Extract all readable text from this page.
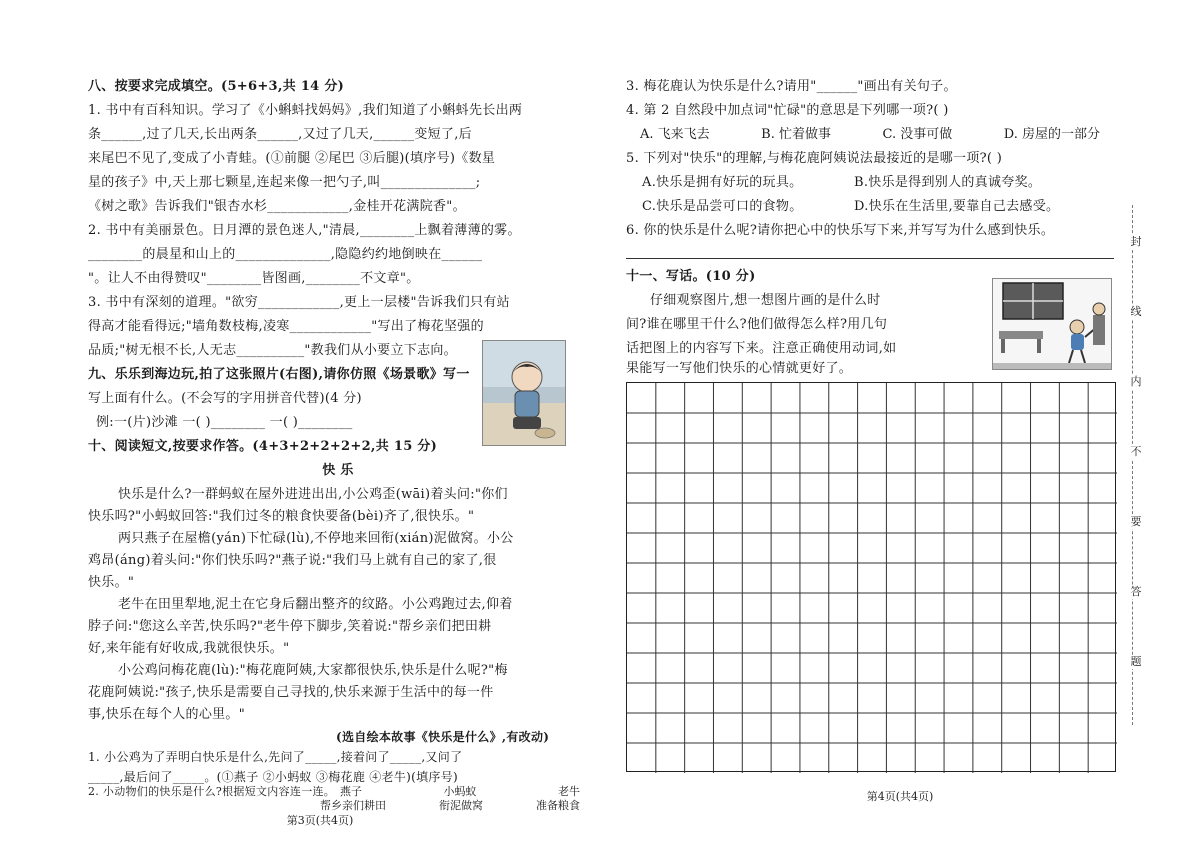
八、按要求完成填空。(5+6+3,共 14 分)
1. 书中有百科知识。学习了《小蝌蚪找妈妈》,我们知道了小蝌蚪先长出两
条______,过了几天,长出两条______,又过了几天,______变短了,后
来尾巴不见了,变成了小青蛙。(①前腿 ②尾巴 ③后腿)(填序号)《数星
星的孩子》中,天上那七颗星,连起来像一把勺子,叫______________;
《树之歌》告诉我们"银杏水杉____________,金桂开花满院香"。
2. 书中有美丽景色。日月潭的景色迷人,"清晨,________上飘着薄薄的雾。
________的晨星和山上的______________,隐隐约约地倒映在______
"。让人不由得赞叹"________皆图画,________不文章"。
3. 书中有深刻的道理。"欲穷____________,更上一层楼"告诉我们只有站
得高才能看得远;"墙角数枝梅,凌寒____________"写出了梅花坚强的
品质;"树无根不长,人无志__________"教我们从小要立下志向。
九、乐乐到海边玩,拍了这张照片(右图),请你仿照《场景歌》写一
写上面有什么。(不会写的字用拼音代替)(4 分)
例:一(片)沙滩 一( )________ 一( )________
十、阅读短文,按要求作答。(4+3+2+2+2+2,共 15 分)
快 乐
快乐是什么?一群蚂蚁在屋外进进出出,小公鸡歪(wāi)着头问:"你们
快乐吗?"小蚂蚁回答:"我们过冬的粮食快要备(bèi)齐了,很快乐。"
两只燕子在屋檐(yán)下忙碌(lù),不停地来回衔(xián)泥做窝。小公
鸡昂(áng)着头问:"你们快乐吗?"燕子说:"我们马上就有自己的家了,很
快乐。"
老牛在田里犁地,泥土在它身后翻出整齐的纹路。小公鸡跑过去,仰着
脖子问:"您这么辛苦,快乐吗?"老牛停下脚步,笑着说:"帮乡亲们把田耕
好,来年能有好收成,我就很快乐。"
小公鸡问梅花鹿(lù):"梅花鹿阿姨,大家都很快乐,快乐是什么呢?"梅
花鹿阿姨说:"孩子,快乐是需要自己寻找的,快乐来源于生活中的每一件
事,快乐在每个人的心里。"
(选自绘本故事《快乐是什么》,有改动)
1. 小公鸡为了弄明白快乐是什么,先问了_____,接着问了_____,又问了
_____,最后问了_____。(①燕子 ②小蚂蚁 ③梅花鹿 ④老牛)(填序号)
第3页(共4页)
2. 小动物们的快乐是什么?根据短文内容连一连。 燕子	小蚂蚁	老牛
帮乡亲们耕田	衔泥做窝	准备粮食
3. 梅花鹿认为快乐是什么?请用"______"画出有关句子。
4. 第 2 自然段中加点词"忙碌"的意思是下列哪一项?( )
A. 飞来飞去	B. 忙着做事	C. 没事可做	D. 房屋的一部分
5. 下列对"快乐"的理解,与梅花鹿阿姨说法最接近的是哪一项?( )
A.快乐是拥有好玩的玩具。	B.快乐是得到别人的真诚夸奖。
C.快乐是品尝可口的食物。	D.快乐在生活里,要靠自己去感受。
6. 你的快乐是什么呢?请你把心中的快乐写下来,并写写为什么感到快乐。
十一、写话。(10 分)
仔细观察图片,想一想图片画的是什么时
间?谁在哪里干什么?他们做得怎么样?用几句
话把图上的内容写下来。注意正确使用动词,如
果能写一写他们快乐的心情就更好了。
第4页(共4页)
封
线
内
不
要
答
题
